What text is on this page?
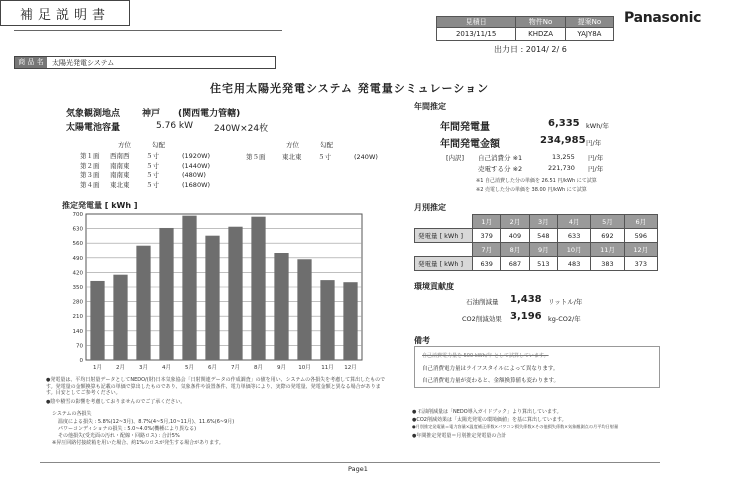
補足説明書	見積日	物件No	提案No
2013/11/15	KHDZA	YAJY8A
Panasonic
出力日 : 2014/ 2/ 6
商 品 名	太陽光発電システム
住宅用太陽光発電システム 発電量シミュレーション
気象観測地点 神戸 (関西電力管轄)
太陽電池容量	5.76 kW 240W×24枚
方位	勾配	方位	勾配
第１面 西南西	５寸	(1920W)
第２面 南南東	５寸	(1440W)
第３面 南南東	５寸	(480W)
第４面 東北東	５寸	(1680W)
第５面	東北東	５寸	(240W)
推定発電量 [ kWh ]
0
70
140
210
280
350
420
490
560
630
700
1月	2月	3月	4月	5月	6月	7月	8月	9月 10月 11月 12月
年間推定
年間発電量	6,335 kWh/年
年間発電金額	234,985 円/年
[内訳] 自己消費分 ※1	13,255 円/年
売電する分 ※2	221,730 円/年
※1 自己消費した分の単価を 26.51 円/kWh にて試算
※2 売電した分の単価を 38.00 円/kWh にて試算
月別推定
	1月	2月	3月	4月	5月	6月
発電量 [ kWh ]	379	409	548	633	692	596
	7月	8月	9月	10月	11月	12月
発電量 [ kWh ]	639	687	513	483	383	373
環境貢献度
石油削減量 1,438 リットル/年
CO2削減効果 3,196 kg-CO2/年
備考
自己消費電力量を 500 kWh/年 として試算しています。
自己消費電力量はライフスタイルによって異なります。
自己消費電力量が変わると、金額換算値も変わります。
●発電量は、平均日射量データとしてNEDO/(財)日本気象協会「日射関連データの作成調査」の値を用い、システムの各損失を考慮して算出したものです。発電量の金額換算も記載の単価で算出したものであり、気象条件や設置条件、電力単価等により、実際の発電量、発電金額と異なる場合があります。目安としてご参考ください。
●陰や積雪の影響を考慮しておりませんのでご了承ください。
システムの各損失
温度による損失 : 5.8%(12~3月)、8.7%(4~5月,10~11月)、11.6%(6~9月)
パワーコンディショナの損失 : 5.0~4.0%(機種により異なる)
その他損失(受光面の汚れ・配線・回路ロス) : 合計5%
※昇圧回路付接続箱を用いた場合、約1%のロスが発生する場合があります。
● 石油削減量は「NEDO導入ガイドブック」より算出しています。
●CO2削減効果は「太陽光発電の環境価値」を基に算出しています。
●月別推定発電量＝電力容量×温度補正係数×パワコン損失係数×その他損失係数×気象観測点の月平均日射量
●年間推定発電量＝月別推定発電量の合計
Page1
